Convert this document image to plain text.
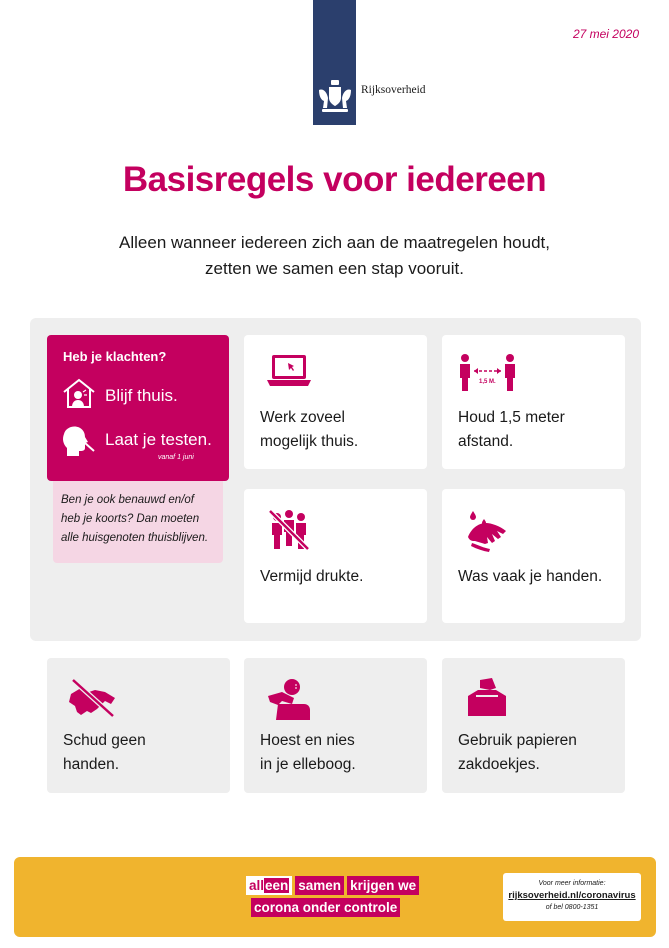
Rijksoverheid
27 mei 2020
Basisregels voor iedereen
Alleen wanneer iedereen zich aan de maatregelen houdt,
zetten we samen een stap vooruit.
Heb je klachten?
Blijf thuis.
Laat je testen.
vanaf 1 juni
Ben je ook benauwd en/of heb je koorts? Dan moeten alle huisgenoten thuisblijven.
Werk zoveel
mogelijk thuis.
1,5 M.
Houd 1,5 meter
afstand.
Vermijd drukte.	Was vaak je handen.
Schud geen
handen.
Hoest en nies
in je elleboog.
Gebruik papieren
zakdoekjes.
alleen samen krijgen we
corona onder controle
Voor meer informatie:
rijksoverheid.nl/coronavirus
of bel 0800-1351
